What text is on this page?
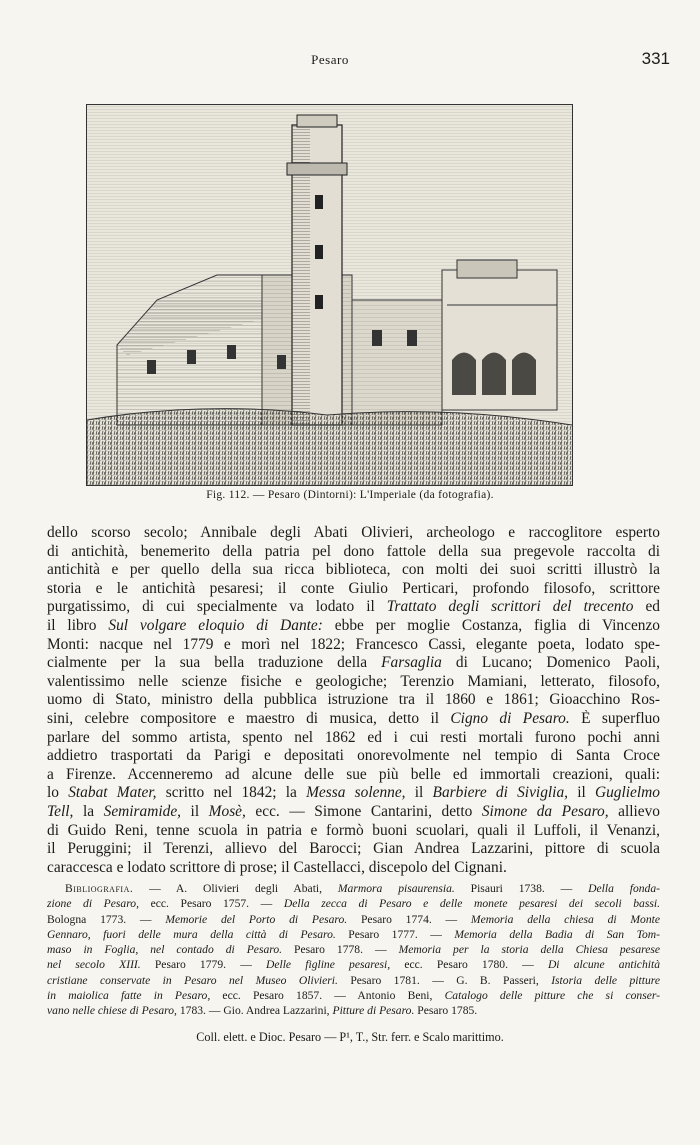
Pesaro	331
Fig. 112. — Pesaro (Dintorni): L'Imperiale (da fotografia).
dello scorso secolo; Annibale degli Abati Olivieri, archeologo e raccoglitore esperto
di antichità, benemerito della patria pel dono fattole della sua pregevole raccolta di
antichità e per quello della sua ricca biblioteca, con molti dei suoi scritti illustrò la
storia e le antichità pesaresi; il conte Giulio Perticari, profondo filosofo, scrittore
purgatissimo, di cui specialmente va lodato il Trattato degli scrittori del trecento ed
il libro Sul volgare eloquio di Dante: ebbe per moglie Costanza, figlia di Vincenzo
Monti: nacque nel 1779 e morì nel 1822; Francesco Cassi, elegante poeta, lodato spe-
cialmente per la sua bella traduzione della Farsaglia di Lucano; Domenico Paoli,
valentissimo nelle scienze fisiche e geologiche; Terenzio Mamiani, letterato, filosofo,
uomo di Stato, ministro della pubblica istruzione tra il 1860 e 1861; Gioacchino Ros-
sini, celebre compositore e maestro di musica, detto il Cigno di Pesaro. È superfluo
parlare del sommo artista, spento nel 1862 ed i cui resti mortali furono pochi anni
addietro trasportati da Parigi e depositati onorevolmente nel tempio di Santa Croce
a Firenze. Accenneremo ad alcune delle sue più belle ed immortali creazioni, quali:
lo Stabat Mater, scritto nel 1842; la Messa solenne, il Barbiere di Siviglia, il Guglielmo
Tell, la Semiramide, il Mosè, ecc. — Simone Cantarini, detto Simone da Pesaro, allievo
di Guido Reni, tenne scuola in patria e formò buoni scuolari, quali il Luffoli, il Venanzi,
il Peruggini; il Terenzi, allievo del Barocci; Gian Andrea Lazzarini, pittore di scuola
caraccesca e lodato scrittore di prose; il Castellacci, discepolo del Cignani.
Bibliografia. — A. Olivieri degli Abati, Marmora pisaurensia. Pisauri 1738. — Della fonda-
zione di Pesaro, ecc. Pesaro 1757. — Della zecca di Pesaro e delle monete pesaresi dei secoli bassi.
Bologna 1773. — Memorie del Porto di Pesaro. Pesaro 1774. — Memoria della chiesa di Monte
Gennaro, fuori delle mura della città di Pesaro. Pesaro 1777. — Memoria della Badia di San Tom-
maso in Foglia, nel contado di Pesaro. Pesaro 1778. — Memoria per la storia della Chiesa pesarese
nel secolo XIII. Pesaro 1779. — Delle figline pesaresi, ecc. Pesaro 1780. — Di alcune antichità
cristiane conservate in Pesaro nel Museo Olivieri. Pesaro 1781. — G. B. Passeri, Istoria delle pitture
in maiolica fatte in Pesaro, ecc. Pesaro 1857. — Antonio Beni, Catalogo delle pitture che si conser-
vano nelle chiese di Pesaro, 1783. — Gio. Andrea Lazzarini, Pitture di Pesaro. Pesaro 1785.
Coll. elett. e Dioc. Pesaro — P¹, T., Str. ferr. e Scalo marittimo.
